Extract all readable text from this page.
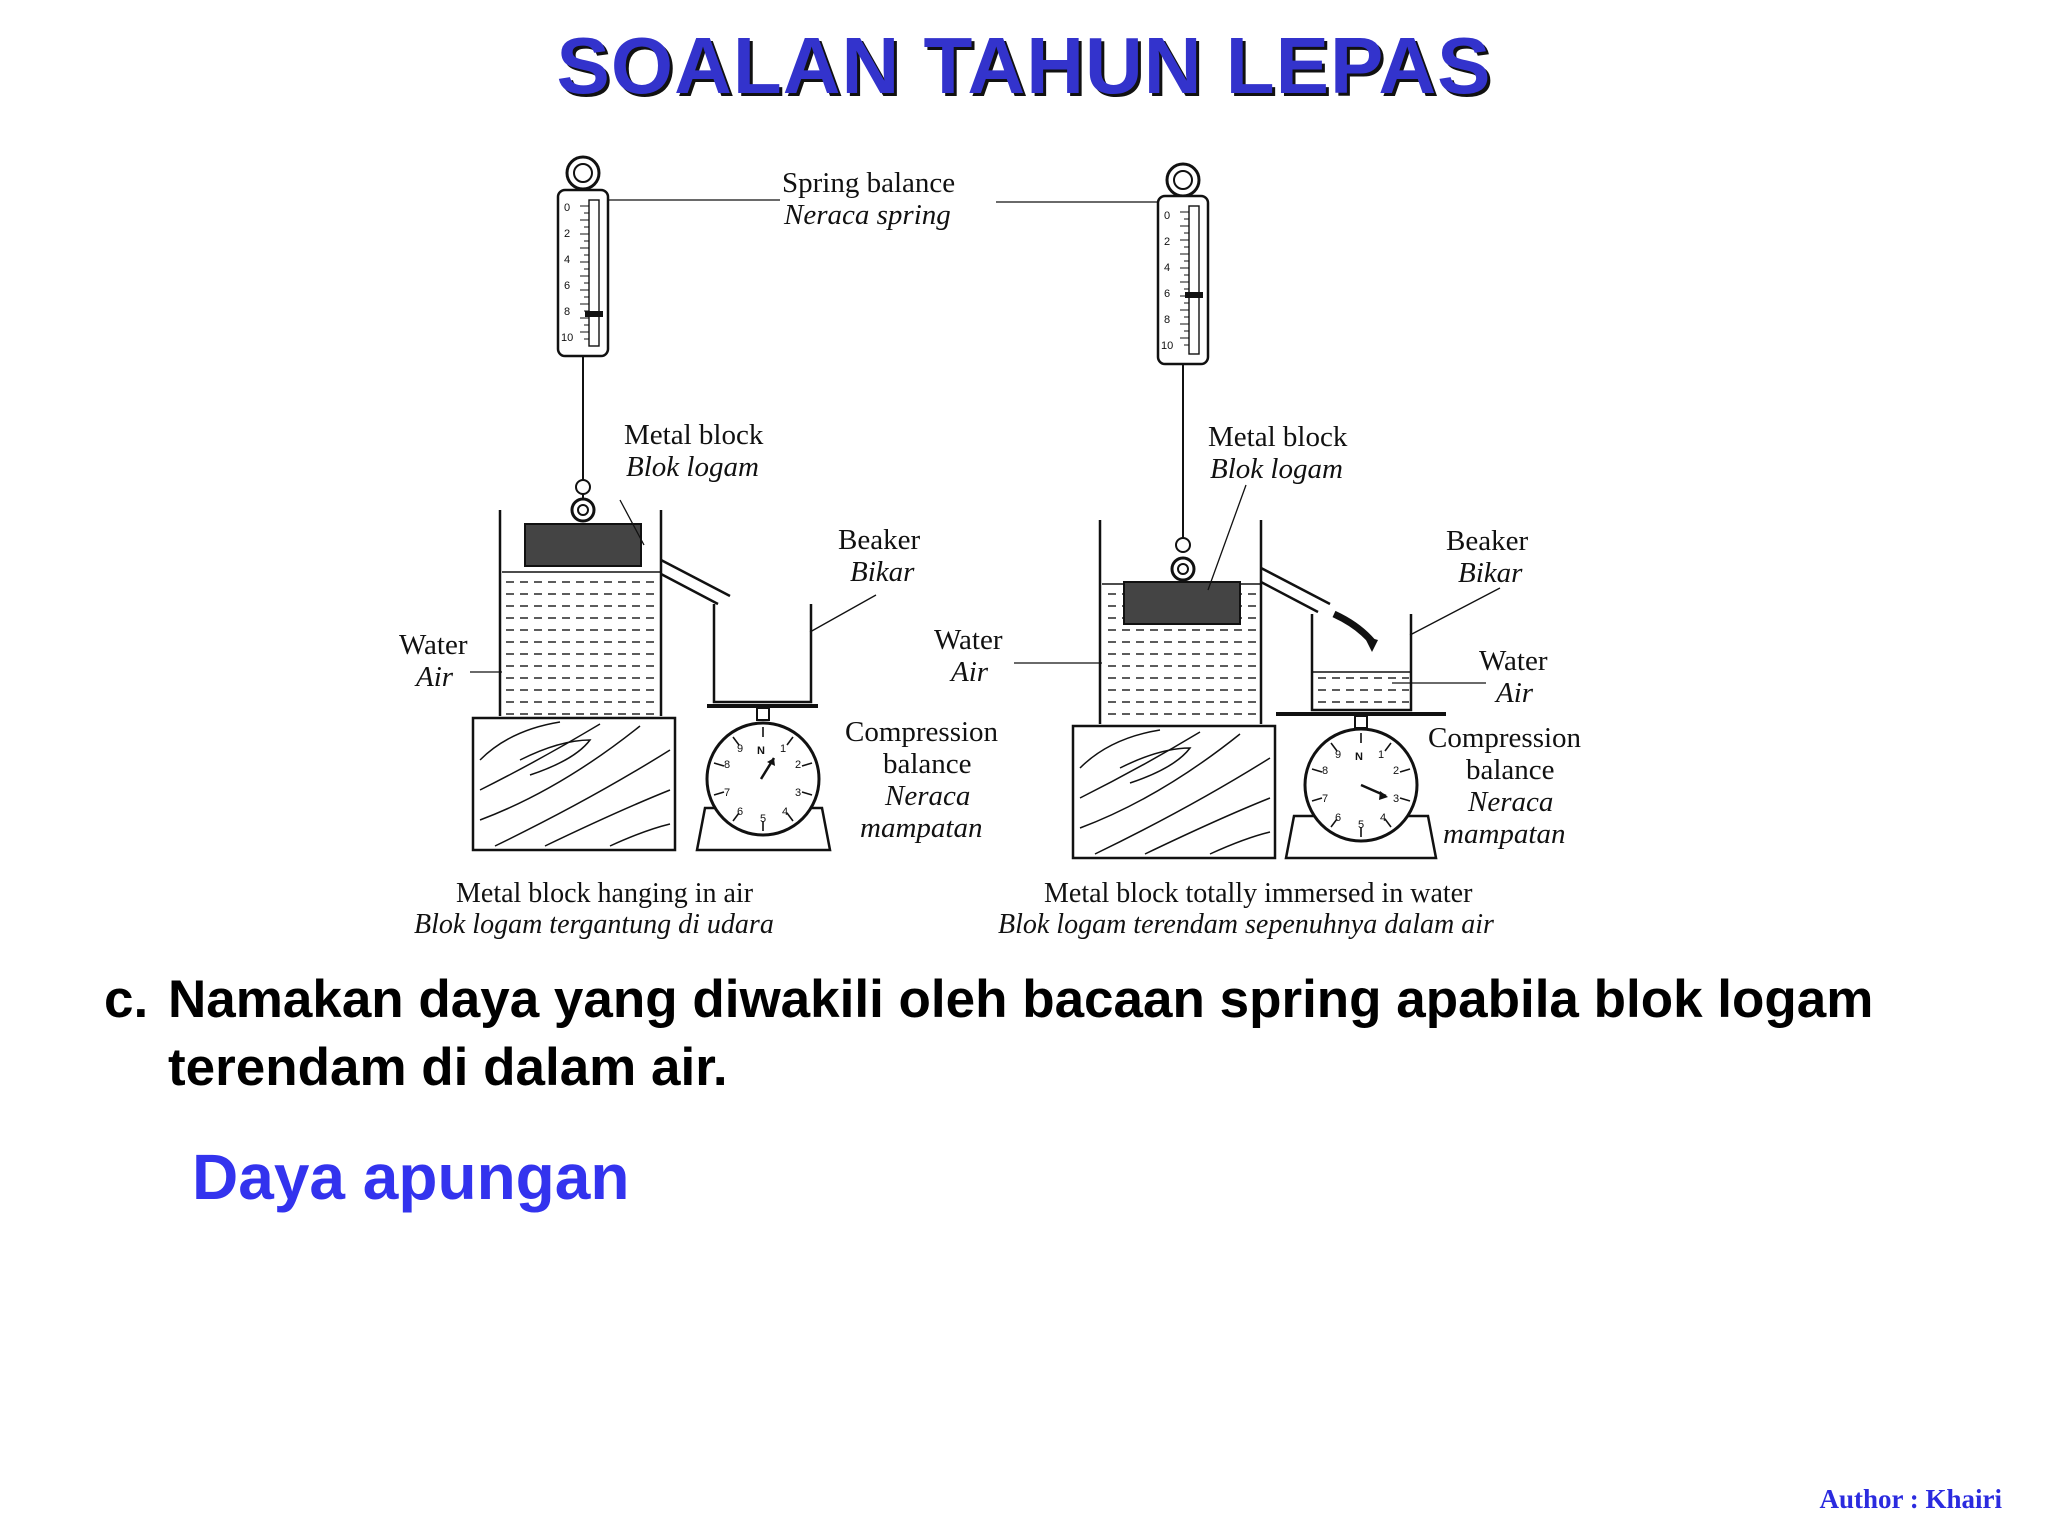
SOALAN TAHUN LEPAS
0
2
4
6
8
10
N 1
2
3
4
5
6
7
8
9
Metal block
Blok logam
Beaker
Bikar
Water
Air
Compression
balance
Neraca
mampatan
Metal block hanging in air
Blok logam tergantung di udara
Spring balance
Neraca spring	0
2
4
6
8
10
N 1
2
3
4
5
6
7
8
9
Metal block
Blok logam
Beaker
Bikar
Water
Air	Water
Air
Compression
balance
Neraca
mampatan
Metal block totally immersed in water
Blok logam terendam sepenuhnya dalam air
c. Namakan daya yang diwakili oleh bacaan spring apabila blok logam terendam di dalam air.
Daya apungan
Author : Khairi
